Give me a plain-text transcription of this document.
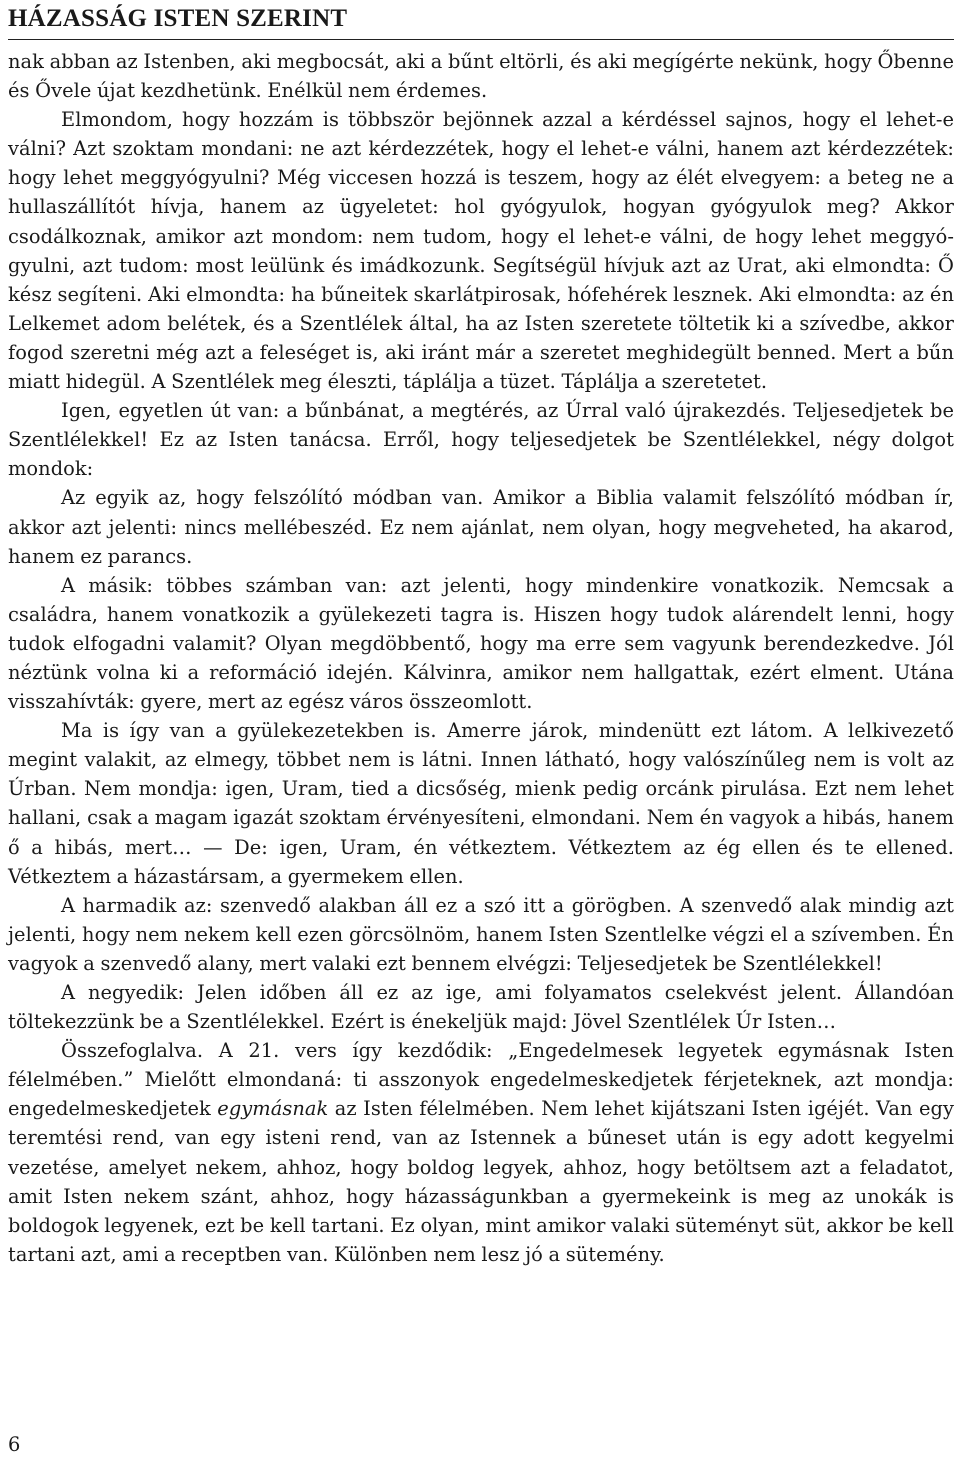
HÁZASSÁG ISTEN SZERINT

nak abban az Istenben, aki megbocsát, aki a bűnt eltörli, és aki megígérte nekünk, hogy Őbenne és Ővele újat kezdhetünk. Enélkül nem érdemes.

Elmondom, hogy hozzám is többször bejönnek azzal a kérdéssel sajnos, hogy el lehet-e válni? Azt szoktam mondani: ne azt kérdezzétek, hogy el lehet-e válni, hanem azt kérdezzétek: hogy lehet meggyógyulni? Még viccesen hozzá is teszem, hogy az élét elvegyem: a beteg ne a hullaszállítót hívja, hanem az ügyeletet: hol gyógyulok, hogyan gyógyulok meg? Akkor csodálkoznak, amikor azt mondom: nem tudom, hogy el lehet-e válni, de hogy lehet meggyó-gyulni, azt tudom: most leülünk és imádkozunk. Segítségül hívjuk azt az Urat, aki elmondta: Ő kész segíteni. Aki elmondta: ha bűneitek skarlátpirosak, hófehérek lesznek. Aki elmondta: az én Lelkemet adom belétek, és a Szentlélek által, ha az Isten szeretete töltetik ki a szívedbe, akkor fogod szeretni még azt a feleséget is, aki iránt már a szeretet meghidegült benned. Mert a bűn miatt hidegül. A Szentlélek meg éleszti, táplálja a tüzet. Táplálja a szeretetet.

Igen, egyetlen út van: a bűnbánat, a megtérés, az Úrral való újrakezdés. Teljesedjetek be Szentlélekkel! Ez az Isten tanácsa. Erről, hogy teljesedjetek be Szentlélekkel, négy dolgot mondok:

Az egyik az, hogy felszólító módban van. Amikor a Biblia valamit felszólító módban ír, akkor azt jelenti: nincs mellébeszéd. Ez nem ajánlat, nem olyan, hogy megveheted, ha akarod, hanem ez parancs.

A másik: többes számban van: azt jelenti, hogy mindenkire vonatkozik. Nemcsak a családra, hanem vonatkozik a gyülekezeti tagra is. Hiszen hogy tudok alárendelt lenni, hogy tudok elfogadni valamit? Olyan megdöbbentő, hogy ma erre sem vagyunk berendezkedve. Jól néztünk volna ki a reformáció idején. Kálvinra, amikor nem hallgattak, ezért elment. Utána visszahívták: gyere, mert az egész város összeomlott.

Ma is így van a gyülekezetekben is. Amerre járok, mindenütt ezt látom. A lelkivezető megint valakit, az elmegy, többet nem is látni. Innen látható, hogy valószínűleg nem is volt az Úrban. Nem mondja: igen, Uram, tied a dicsőség, mienk pedig orcánk pirulása. Ezt nem lehet hallani, csak a magam igazát szoktam érvényesíteni, elmondani. Nem én vagyok a hibás, hanem ő a hibás, mert… — De: igen, Uram, én vétkeztem. Vétkeztem az ég ellen és te ellened. Vétkeztem a házastársam, a gyermekem ellen.

A harmadik az: szenvedő alakban áll ez a szó itt a görögben. A szenvedő alak mindig azt jelenti, hogy nem nekem kell ezen görcsölnöm, hanem Isten Szentlelke végzi el a szívemben. Én vagyok a szenvedő alany, mert valaki ezt bennem elvégzi: Teljesedjetek be Szentlélekkel!

A negyedik: Jelen időben áll ez az ige, ami folyamatos cselekvést jelent. Állandóan töltekezzünk be a Szentlélekkel. Ezért is énekeljük majd: Jövel Szentlélek Úr Isten…

Összefoglalva. A 21. vers így kezdődik: „Engedelmesek legyetek egymásnak Isten félelmében.” Mielőtt elmondaná: ti asszonyok engedelmeskedjetek férjeteknek, azt mondja: engedelmeskedjetek egymásnak az Isten félelmében. Nem lehet kijátszani Isten igéjét. Van egy teremtési rend, van egy isteni rend, van az Istennek a bűneset után is egy adott kegyelmi vezetése, amelyet nekem, ahhoz, hogy boldog legyek, ahhoz, hogy betöltsem azt a feladatot, amit Isten nekem szánt, ahhoz, hogy házasságunkban a gyermekeink is meg az unokák is boldogok legyenek, ezt be kell tartani. Ez olyan, mint amikor valaki süteményt süt, akkor be kell tartani azt, ami a receptben van. Különben nem lesz jó a sütemény.

6
